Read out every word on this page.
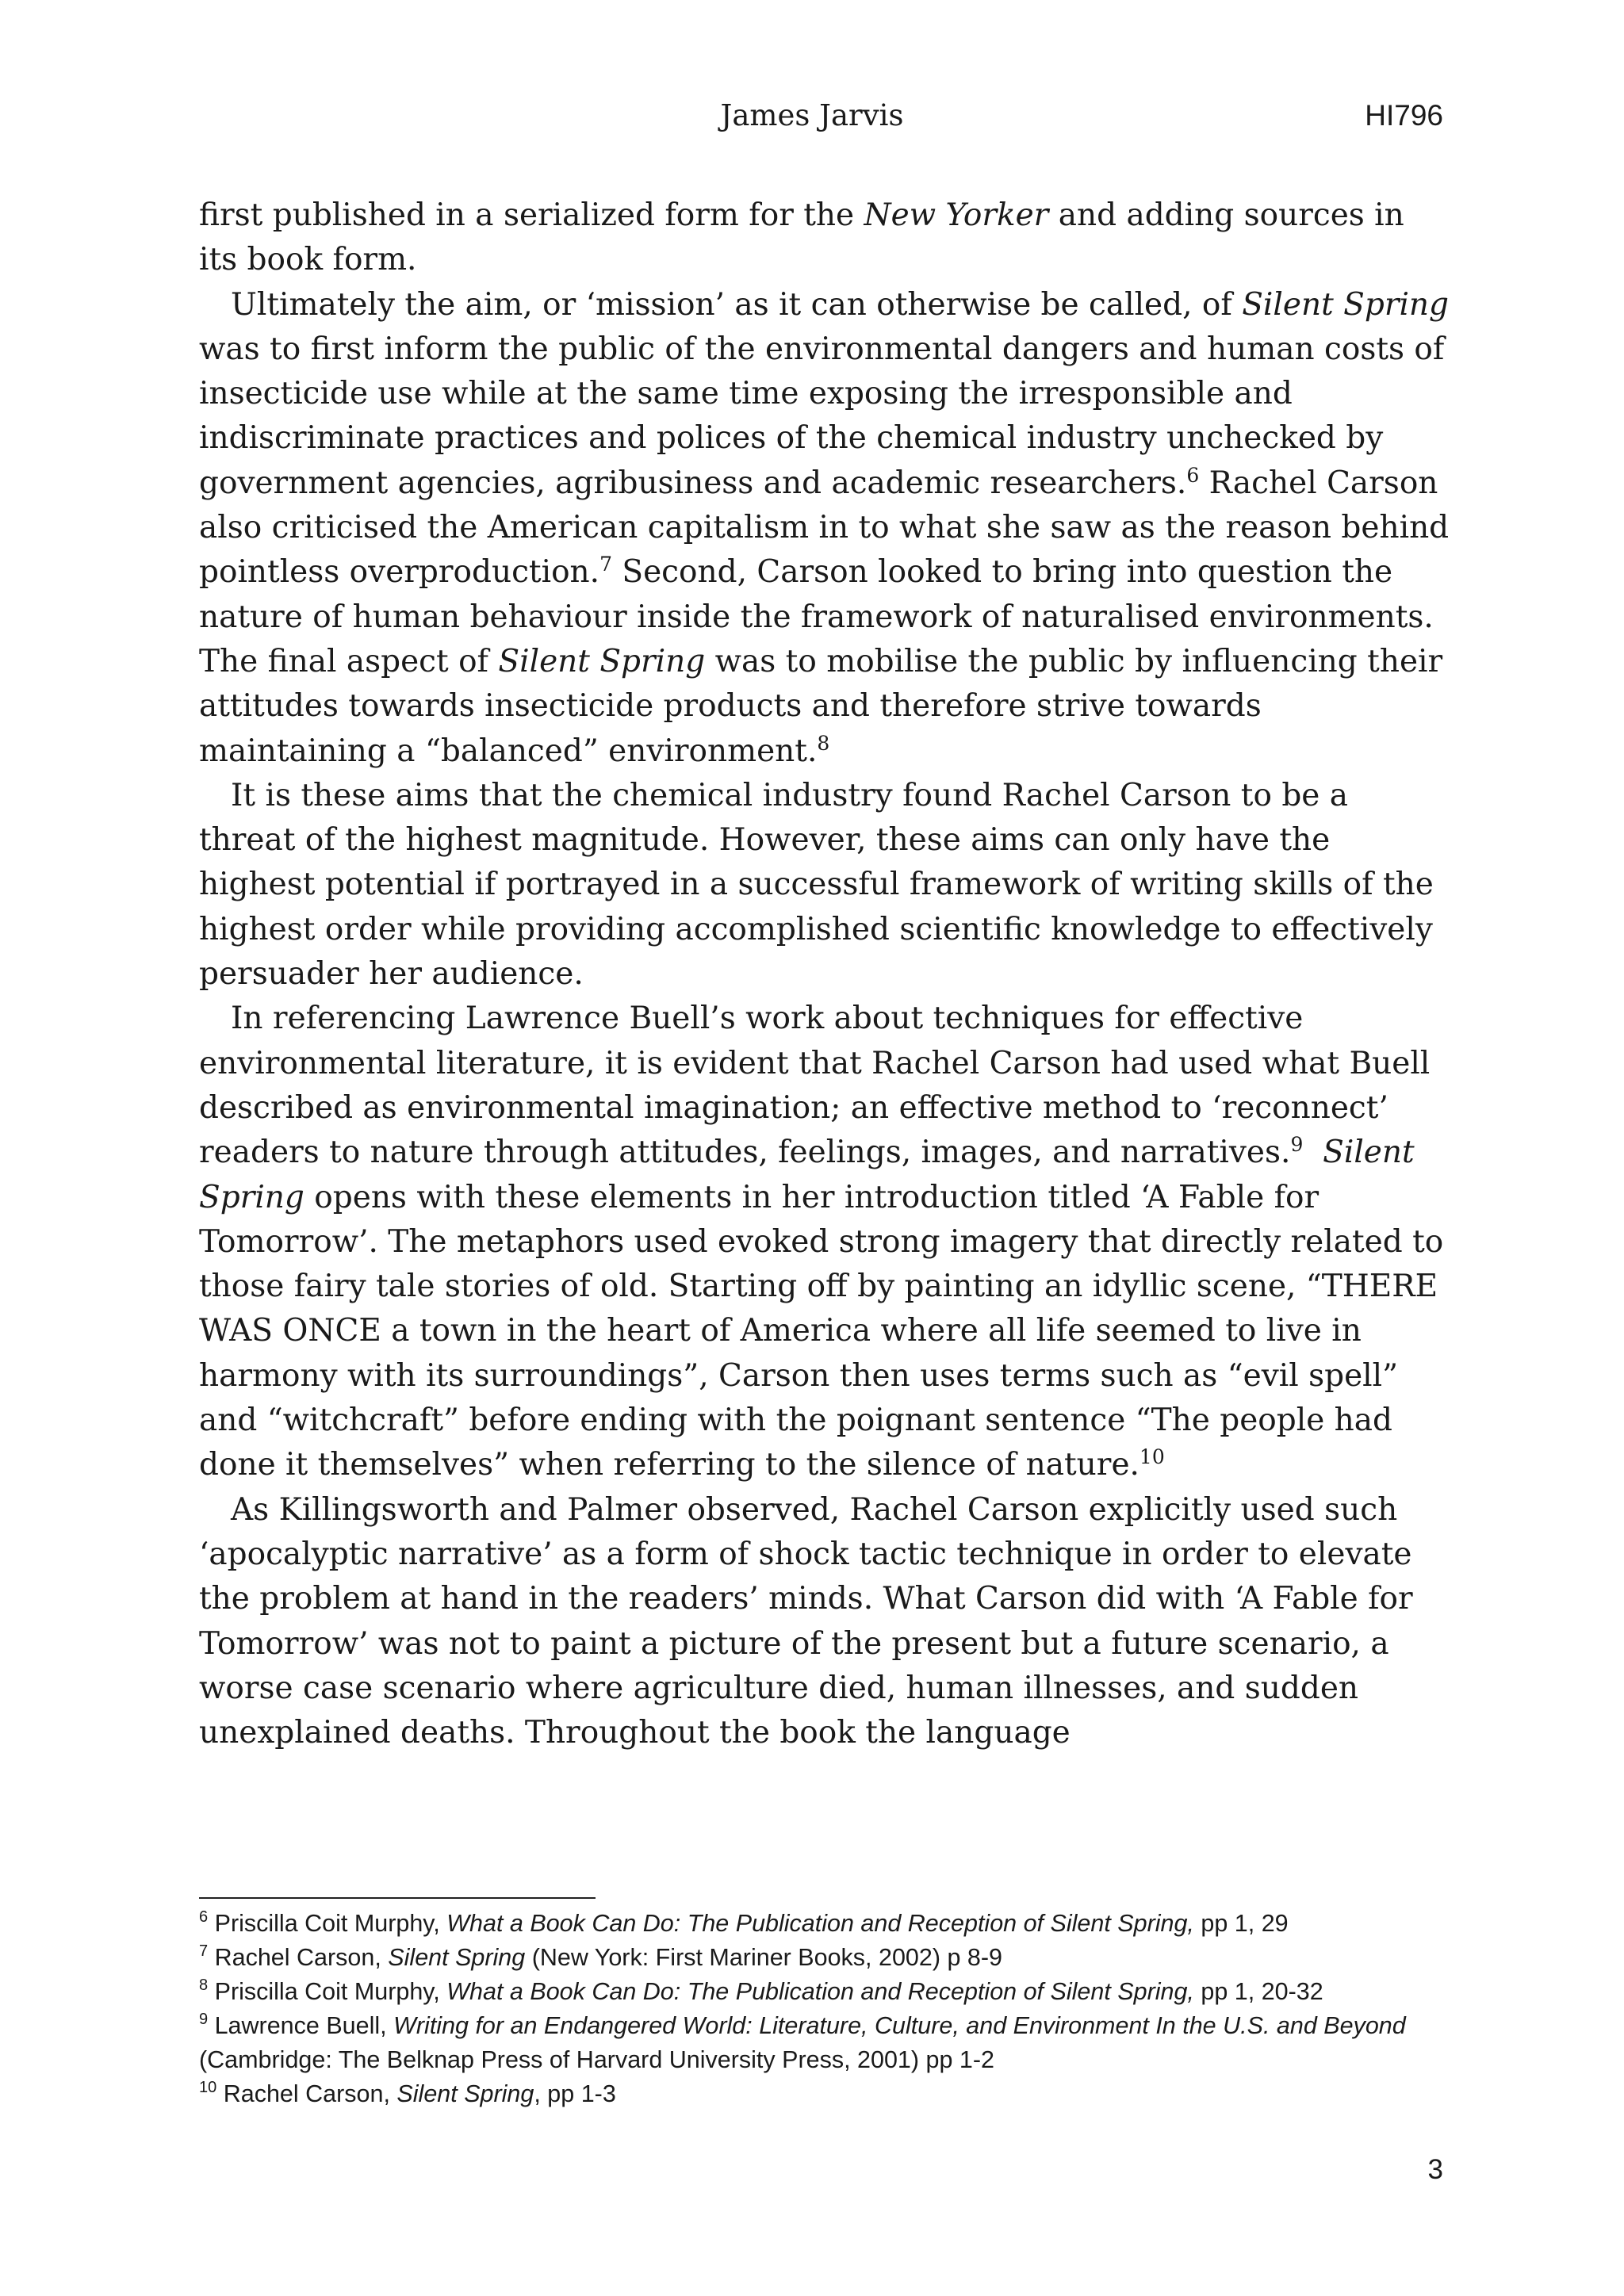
James Jarvis	HI796

first published in a serialized form for the New Yorker and adding sources in its book form.

Ultimately the aim, or ‘mission’ as it can otherwise be called, of Silent Spring was to first inform the public of the environmental dangers and human costs of insecticide use while at the same time exposing the irresponsible and indiscriminate practices and polices of the chemical industry unchecked by government agencies, agribusiness and academic researchers.$^6$ Rachel Carson also criticised the American capitalism in to what she saw as the reason behind pointless overproduction.$^7$ Second, Carson looked to bring into question the nature of human behaviour inside the framework of naturalised environments. The final aspect of Silent Spring was to mobilise the public by influencing their attitudes towards insecticide products and therefore strive towards maintaining a “balanced” environment.$^8$

It is these aims that the chemical industry found Rachel Carson to be a threat of the highest magnitude. However, these aims can only have the highest potential if portrayed in a successful framework of writing skills of the highest order while providing accomplished scientific knowledge to effectively persuader her audience.

In referencing Lawrence Buell’s work about techniques for effective environmental literature, it is evident that Rachel Carson had used what Buell described as environmental imagination; an effective method to ‘reconnect’ readers to nature through attitudes, feelings, images, and narratives.$^9$ Silent Spring opens with these elements in her introduction titled ‘A Fable for Tomorrow’. The metaphors used evoked strong imagery that directly related to those fairy tale stories of old. Starting off by painting an idyllic scene, “THERE WAS ONCE a town in the heart of America where all life seemed to live in harmony with its surroundings”, Carson then uses terms such as “evil spell” and “witchcraft” before ending with the poignant sentence “The people had done it themselves” when referring to the silence of nature.$^{10}$

As Killingsworth and Palmer observed, Rachel Carson explicitly used such ‘apocalyptic narrative’ as a form of shock tactic technique in order to elevate the problem at hand in the readers’ minds. What Carson did with ‘A Fable for Tomorrow’ was not to paint a picture of the present but a future scenario, a worse case scenario where agriculture died, human illnesses, and sudden unexplained deaths. Throughout the book the language

$^6$ Priscilla Coit Murphy, What a Book Can Do: The Publication and Reception of Silent Spring, pp 1, 29

$^7$ Rachel Carson, Silent Spring (New York: First Mariner Books, 2002) p 8-9

$^8$ Priscilla Coit Murphy, What a Book Can Do: The Publication and Reception of Silent Spring, pp 1, 20-32

$^9$ Lawrence Buell, Writing for an Endangered World: Literature, Culture, and Environment In the U.S. and Beyond (Cambridge: The Belknap Press of Harvard University Press, 2001) pp 1-2

$^{10}$ Rachel Carson, Silent Spring, pp 1-3

3
